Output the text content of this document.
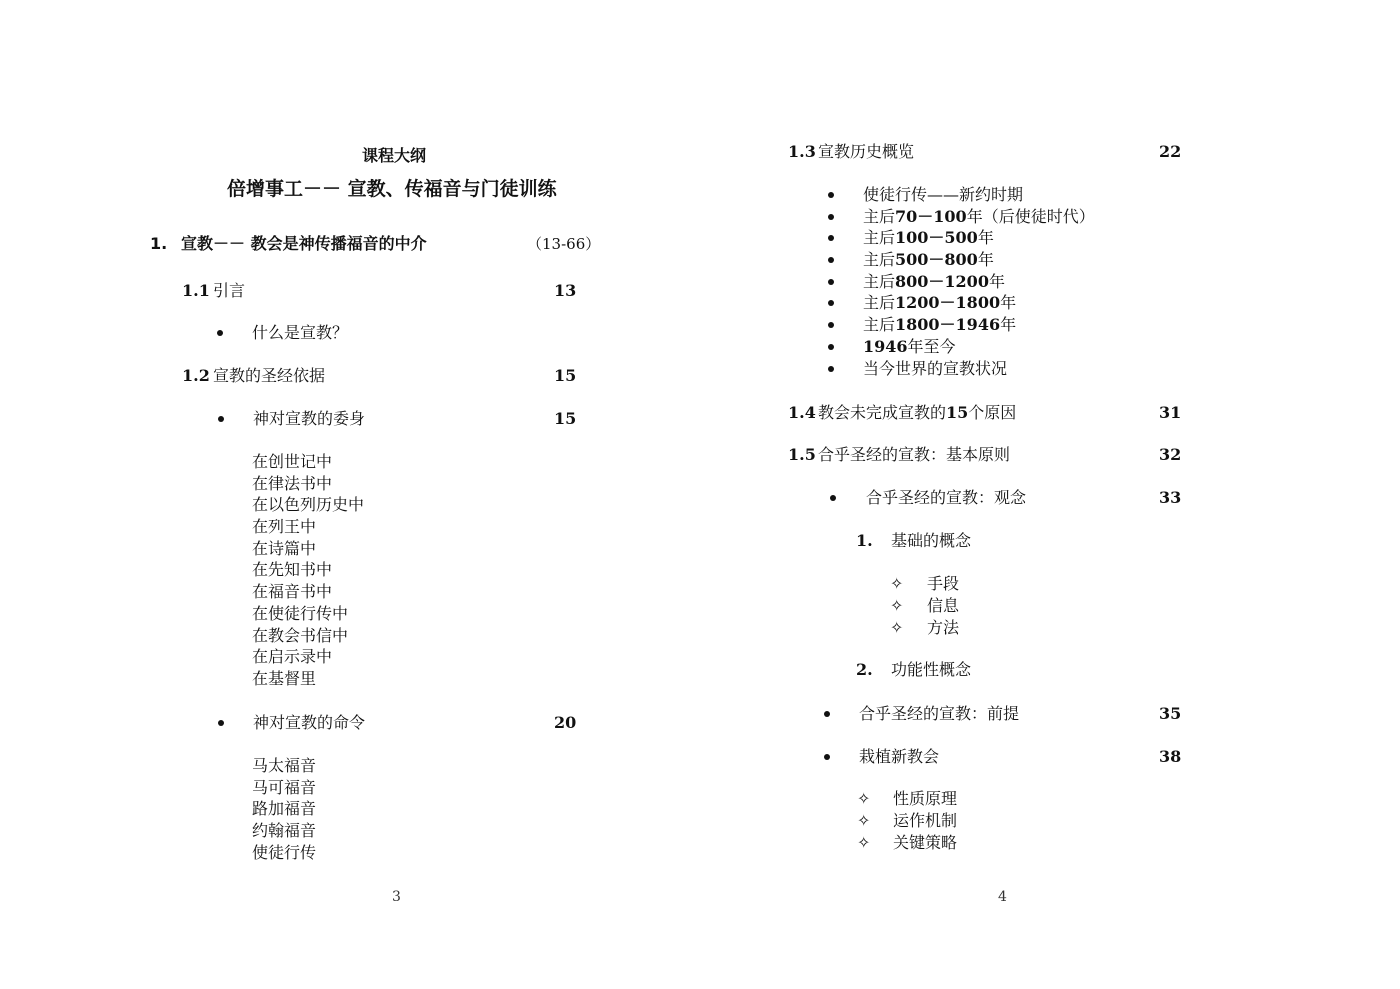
课程大纲
倍增事工－－ 宣教、传福音与门徒训练
1. 宣教－－ 教会是神传播福音的中介	（13-66）
1.1 引言	13
什么是宣教？
1.2 宣教的圣经依据	15
神对宣教的委身	15
在创世记中
在律法书中
在以色列历史中
在列王中
在诗篇中
在先知书中
在福音书中
在使徒行传中
在教会书信中
在启示录中
在基督里
神对宣教的命令	20
马太福音
马可福音
路加福音
约翰福音
使徒行传
3
1.3 宣教历史概览	22
使徒行传——新约时期
主后70－100年（后使徒时代）
主后100－500年
主后500－800年
主后800－1200年
主后1200－1800年
主后1800－1946年
1946年至今
当今世界的宣教状况
1.4 教会未完成宣教的15个原因	31
1.5 合乎圣经的宣教：基本原则	32
合乎圣经的宣教：观念	33
1. 基础的概念
✧ 手段
✧ 信息
✧ 方法
2. 功能性概念
合乎圣经的宣教：前提	35
栽植新教会	38
✧ 性质原理
✧ 运作机制
✧ 关键策略
4
